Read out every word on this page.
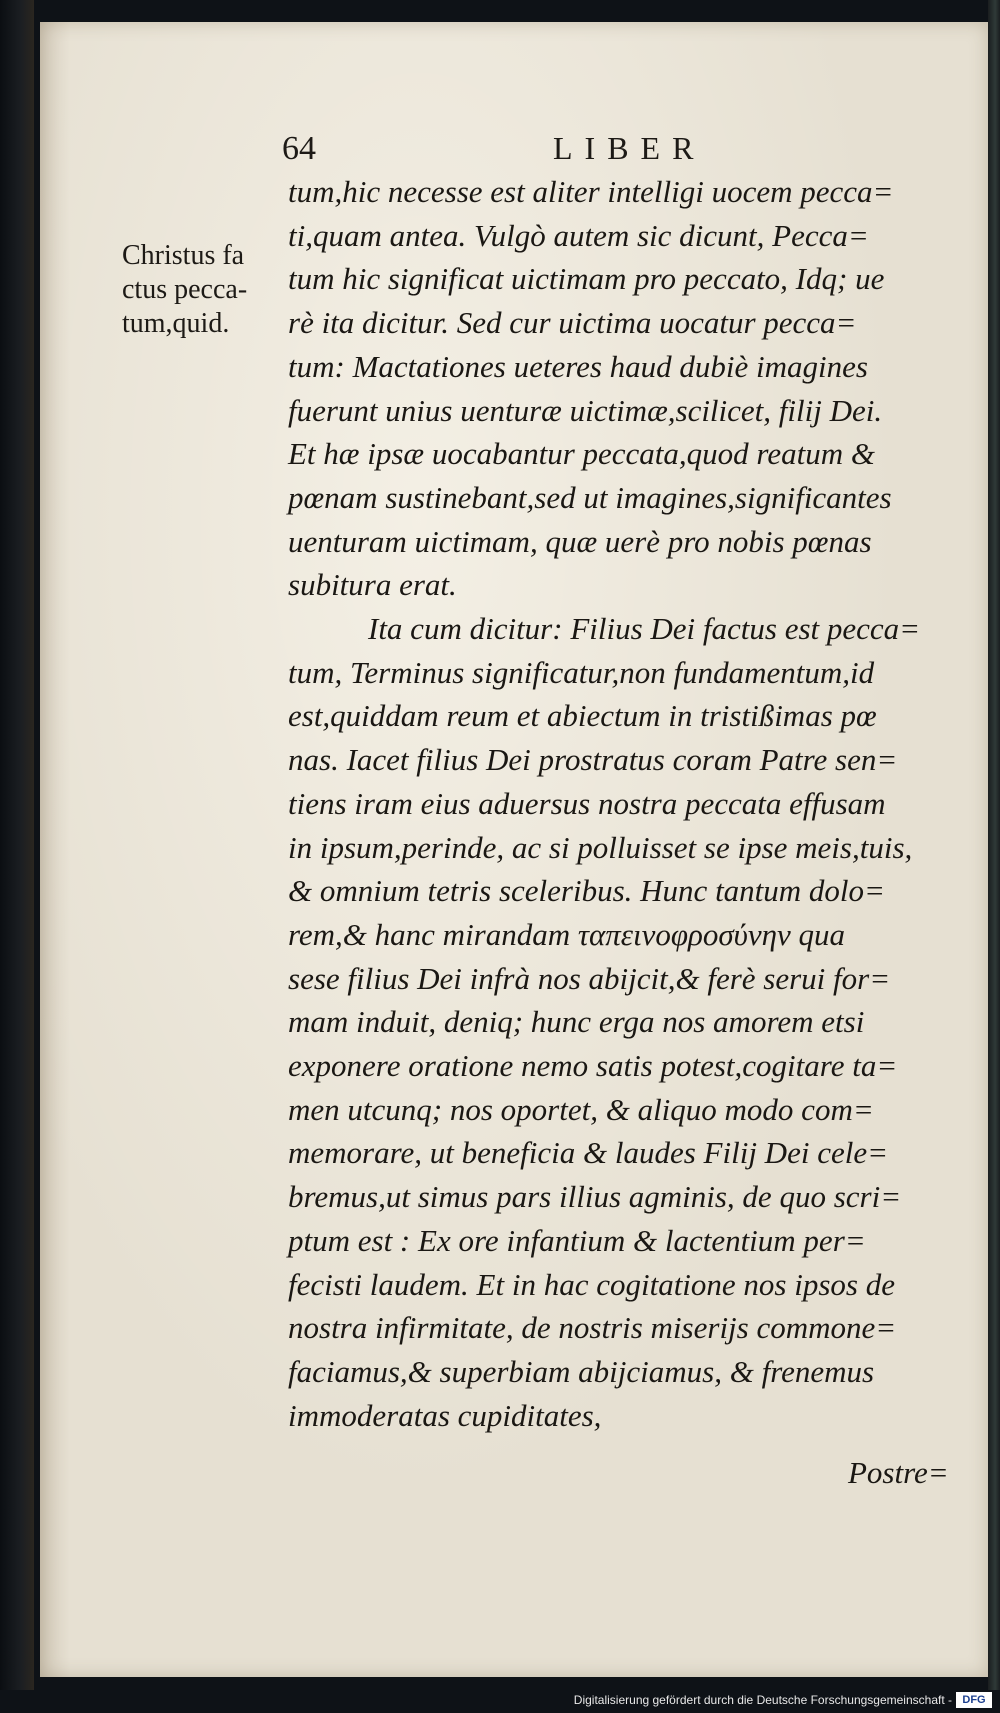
64	LIBER
Christus fa
ctus pecca-
tum,quid.
tum,hic necesse est aliter intelligi uocem pecca=
ti,quam antea. Vulgò autem sic dicunt, Pecca=
tum hic significat uictimam pro peccato, Idq; ue
rè ita dicitur. Sed cur uictima uocatur pecca=
tum: Mactationes ueteres haud dubiè imagines
fuerunt unius uenturæ uictimæ,scilicet, filij Dei.
Et hæ ipsæ uocabantur peccata,quod reatum &
pœnam sustinebant,sed ut imagines,significantes
uenturam uictimam, quæ uerè pro nobis pœnas
subitura erat.
Ita cum dicitur: Filius Dei factus est pecca=
tum, Terminus significatur,non fundamentum,id
est,quiddam reum et abiectum in tristißimas pœ
nas. Iacet filius Dei prostratus coram Patre sen=
tiens iram eius aduersus nostra peccata effusam
in ipsum,perinde, ac si polluisset se ipse meis,tuis,
& omnium tetris sceleribus. Hunc tantum dolo=
rem,& hanc mirandam ταπεινοφροσύνην qua
sese filius Dei infrà nos abijcit,& ferè serui for=
mam induit, deniq; hunc erga nos amorem etsi
exponere oratione nemo satis potest,cogitare ta=
men utcunq; nos oportet, & aliquo modo com=
memorare, ut beneficia & laudes Filij Dei cele=
bremus,ut simus pars illius agminis, de quo scri=
ptum est : Ex ore infantium & lactentium per=
fecisti laudem. Et in hac cogitatione nos ipsos de
nostra infirmitate, de nostris miserijs commone=
faciamus,& superbiam abijciamus, & frenemus
immoderatas cupiditates,
Postre=
Digitalisierung gefördert durch die Deutsche Forschungsgemeinschaft - DFG
